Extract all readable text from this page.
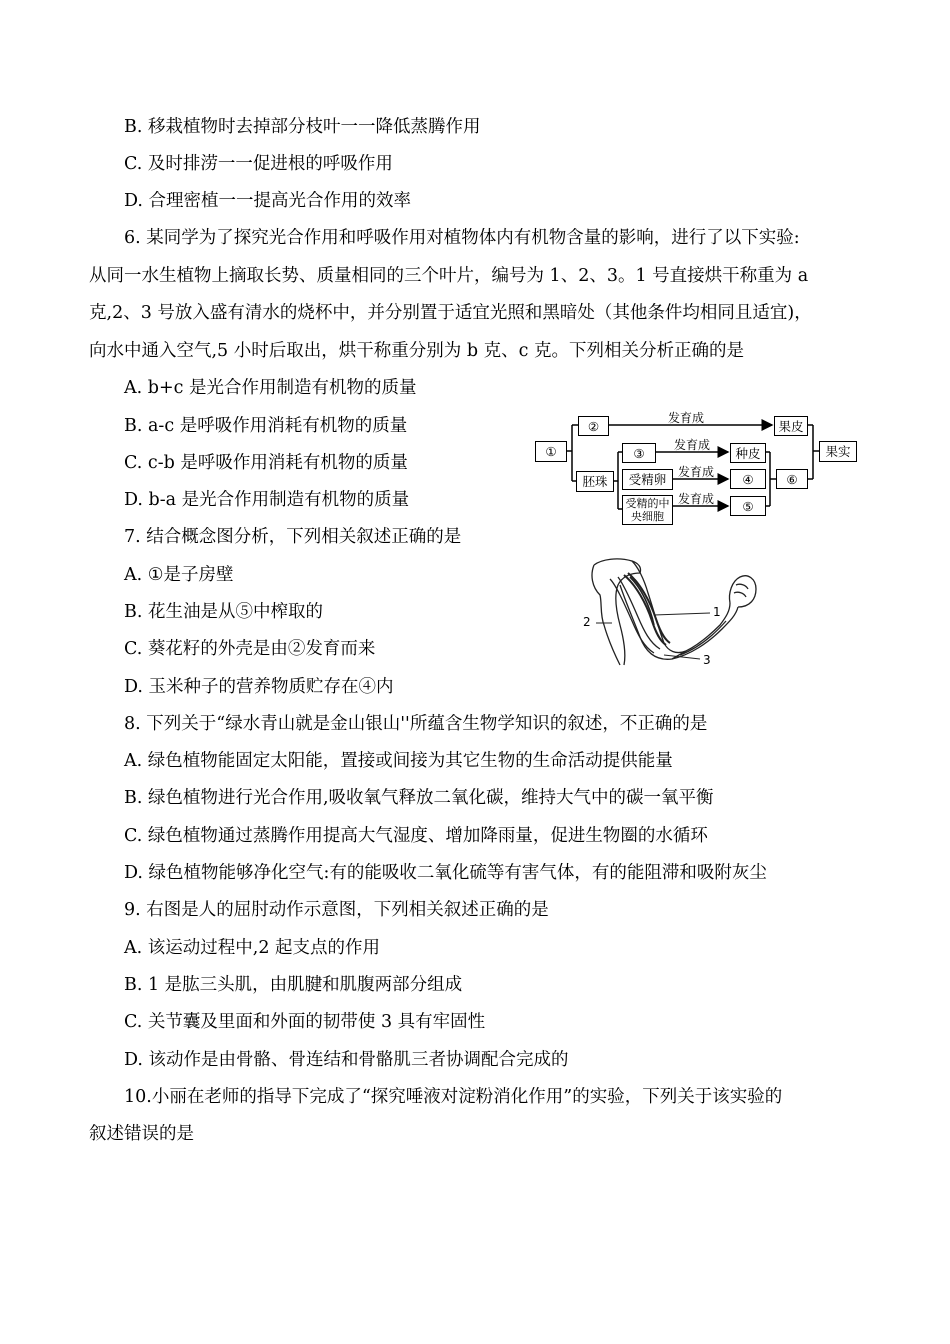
B. 移栽植物时去掉部分枝叶一一降低蒸腾作用
C. 及时排涝一一促进根的呼吸作用
D. 合理密植一一提高光合作用的效率
6. 某同学为了探究光合作用和呼吸作用对植物体内有机物含量的影响，进行了以下实验:
从同一水生植物上摘取长势、质量相同的三个叶片，编号为 1、2、3。1 号直接烘干称重为 a
克,2、3 号放入盛有清水的烧杯中，并分别置于适宜光照和黑暗处（其他条件均相同且适宜)，
向水中通入空气,5 小时后取出，烘干称重分别为 b 克、c 克。下列相关分析正确的是
A. b+c 是光合作用制造有机物的质量
B. a-c 是呼吸作用消耗有机物的质量
C. c-b 是呼吸作用消耗有机物的质量
D. b-a 是光合作用制造有机物的质量
7. 结合概念图分析，下列相关叙述正确的是
A. ①是子房壁
B. 花生油是从⑤中榨取的
C. 葵花籽的外壳是由②发育而来
D. 玉米种子的营养物质贮存在④内
8. 下列关于“绿水青山就是金山银山''所蕴含生物学知识的叙述，不正确的是
A. 绿色植物能固定太阳能，置接或间接为其它生物的生命活动提供能量
B. 绿色植物进行光合作用,吸收氧气释放二氧化碳，维持大气中的碳一氧平衡
C. 绿色植物通过蒸腾作用提高大气湿度、增加降雨量，促进生物圈的水循环
D. 绿色植物能够净化空气:有的能吸收二氧化硫等有害气体，有的能阻滞和吸附灰尘
9. 右图是人的屈肘动作示意图，下列相关叙述正确的是
A. 该运动过程中,2 起支点的作用
B. 1 是肱三头肌，由肌腱和肌腹两部分组成
C. 关节囊及里面和外面的韧带使 3 具有牢固性
D. 该动作是由骨骼、骨连结和骨骼肌三者协调配合完成的
10.小丽在老师的指导下完成了“探究唾液对淀粉消化作用”的实验，下列关于该实验的
叙述错误的是
①
②
胚珠
③
受精卵
受精的中央细胞
种皮
④
⑤
果皮
⑥
果实
发育成
发育成
发育成
发育成
1
2
3
